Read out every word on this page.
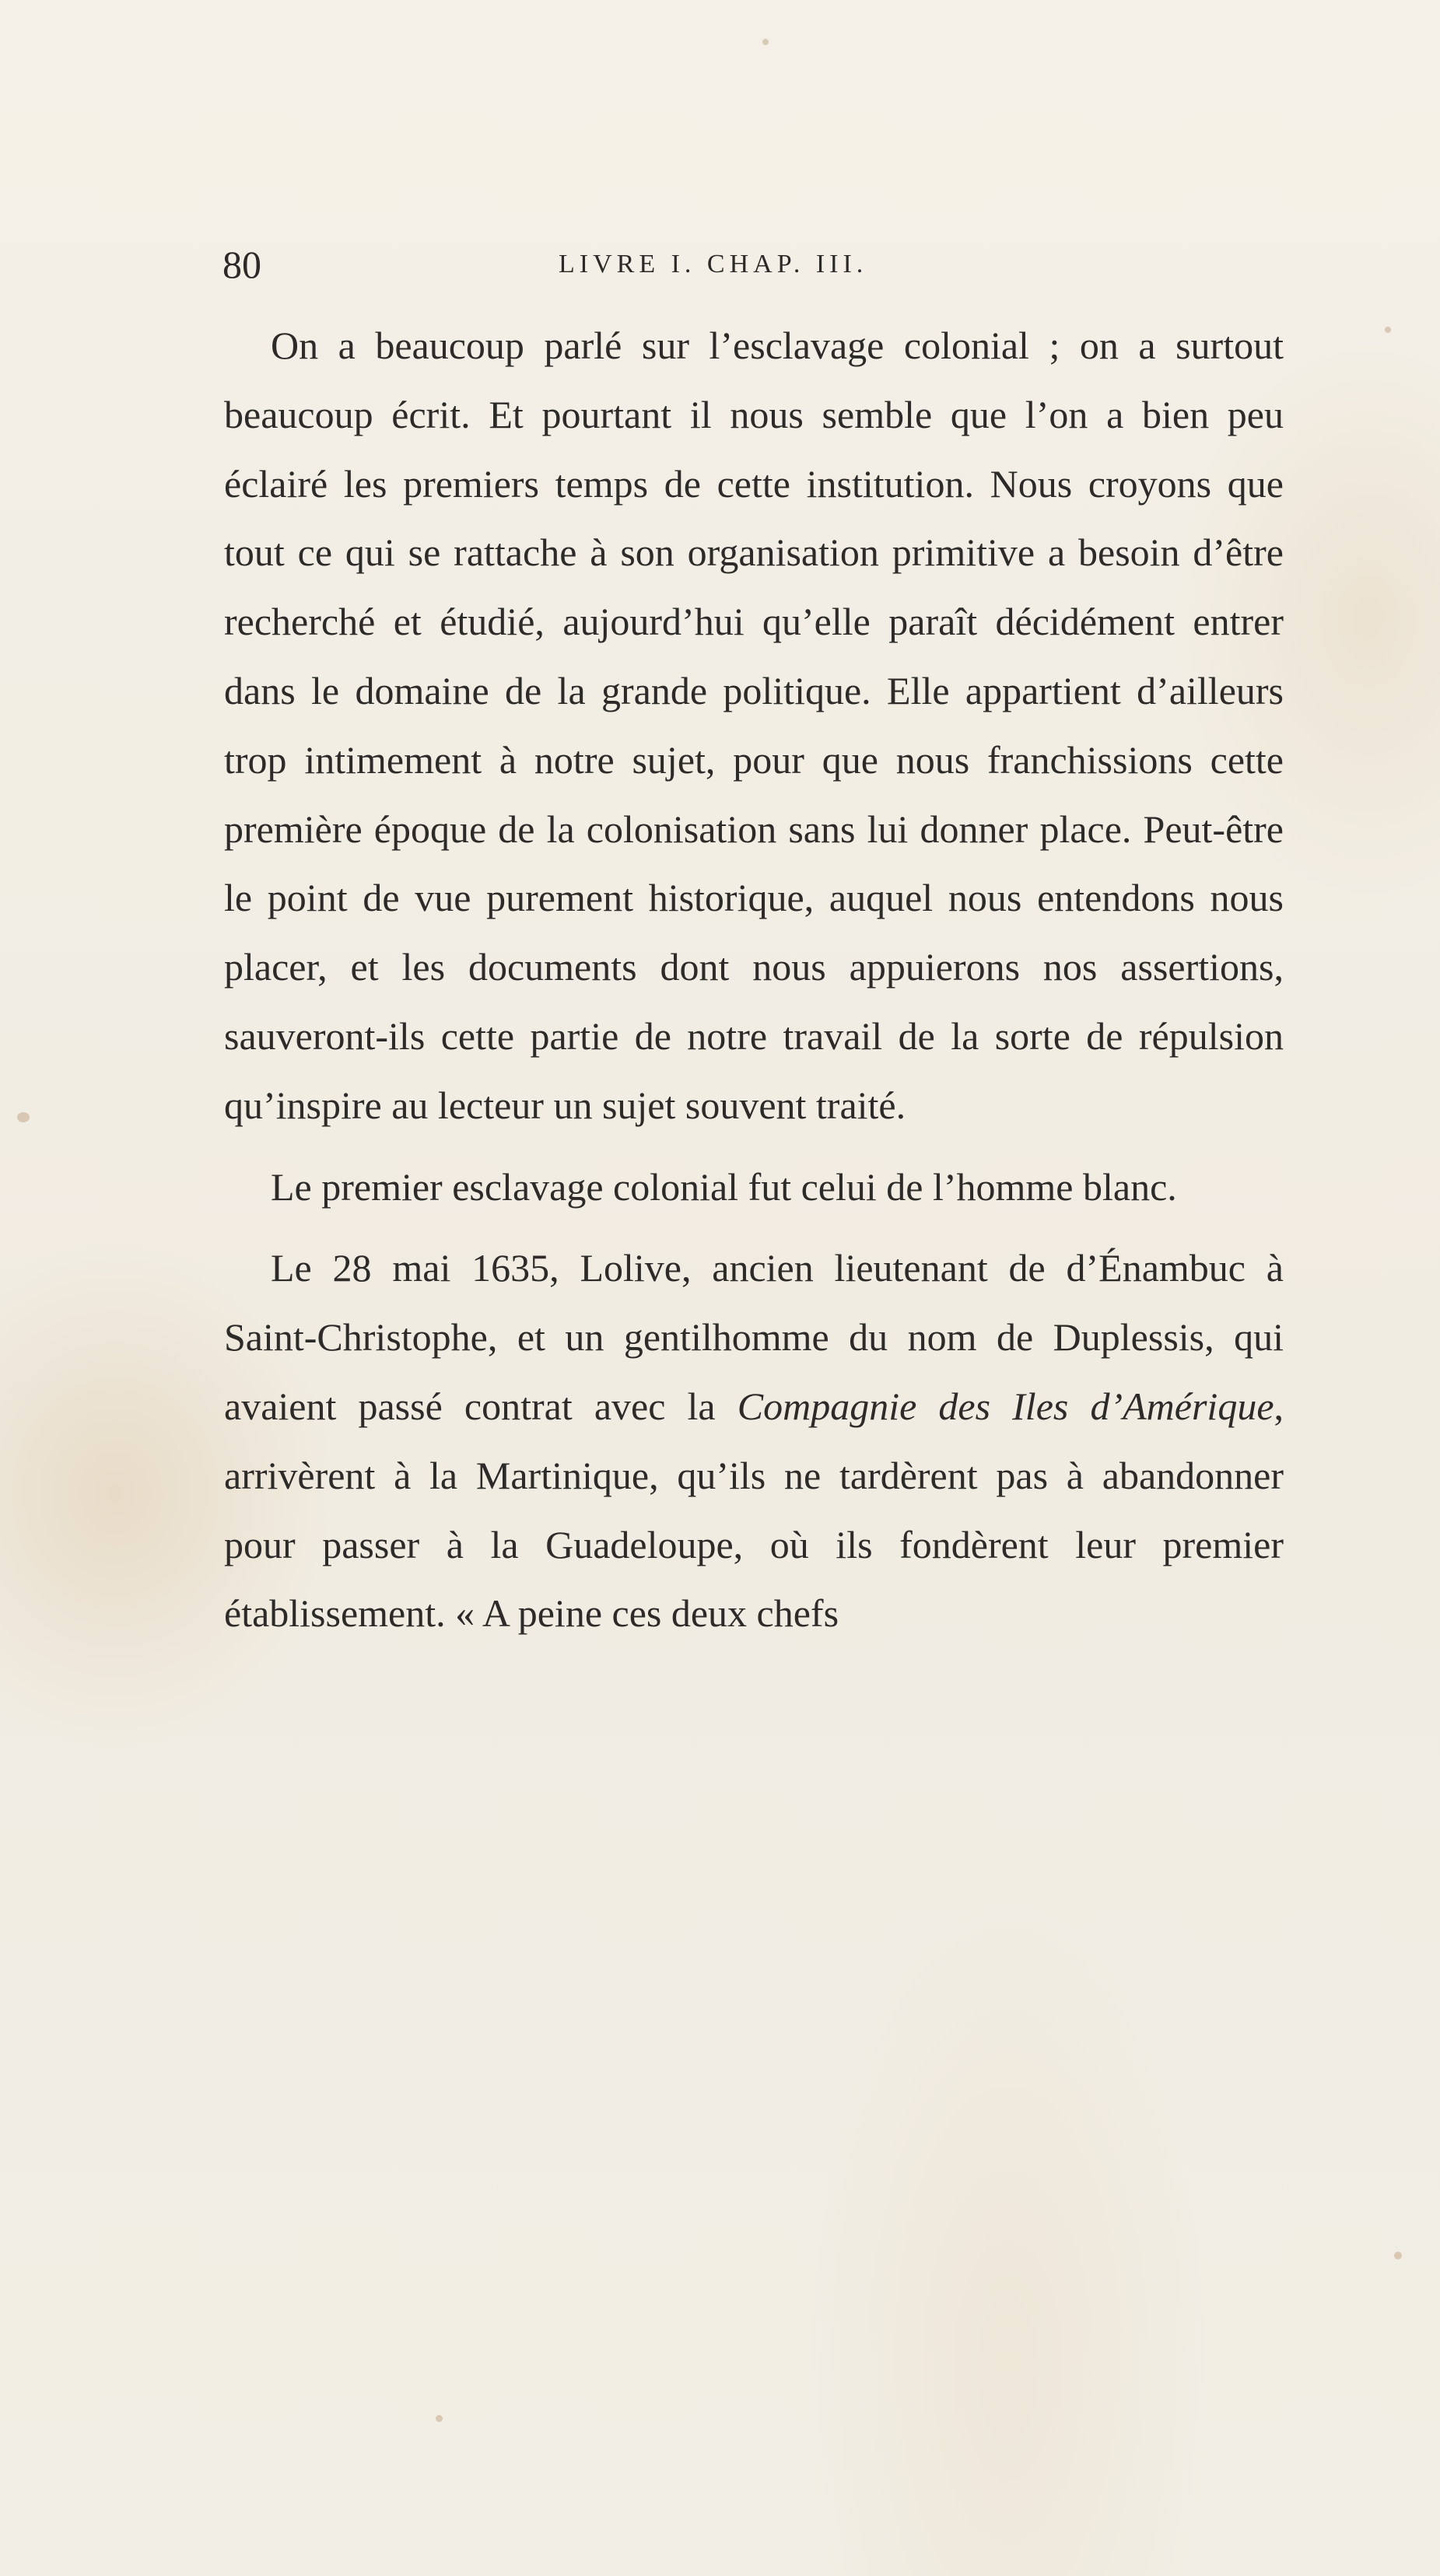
80	LIVRE I. CHAP. III.

On a beaucoup parlé sur l’esclavage colonial ; on a surtout beaucoup écrit. Et pourtant il nous semble que l’on a bien peu éclairé les premiers temps de cette institution. Nous croyons que tout ce qui se rattache à son organisation primitive a besoin d’être recherché et étudié, aujourd’hui qu’elle paraît décidément entrer dans le domaine de la grande politique. Elle appartient d’ailleurs trop intimement à notre sujet, pour que nous franchissions cette première époque de la colonisation sans lui donner place. Peut-être le point de vue purement historique, auquel nous entendons nous placer, et les documents dont nous appuierons nos assertions, sauveront-ils cette partie de notre travail de la sorte de répulsion qu’inspire au lecteur un sujet souvent traité.

Le premier esclavage colonial fut celui de l’homme blanc.

Le 28 mai 1635, Lolive, ancien lieutenant de d’Énambuc à Saint-Christophe, et un gentilhomme du nom de Duplessis, qui avaient passé contrat avec la Compagnie des Iles d’Amérique, arrivèrent à la Martinique, qu’ils ne tardèrent pas à abandonner pour passer à la Guadeloupe, où ils fondèrent leur premier établissement. « A peine ces deux chefs
